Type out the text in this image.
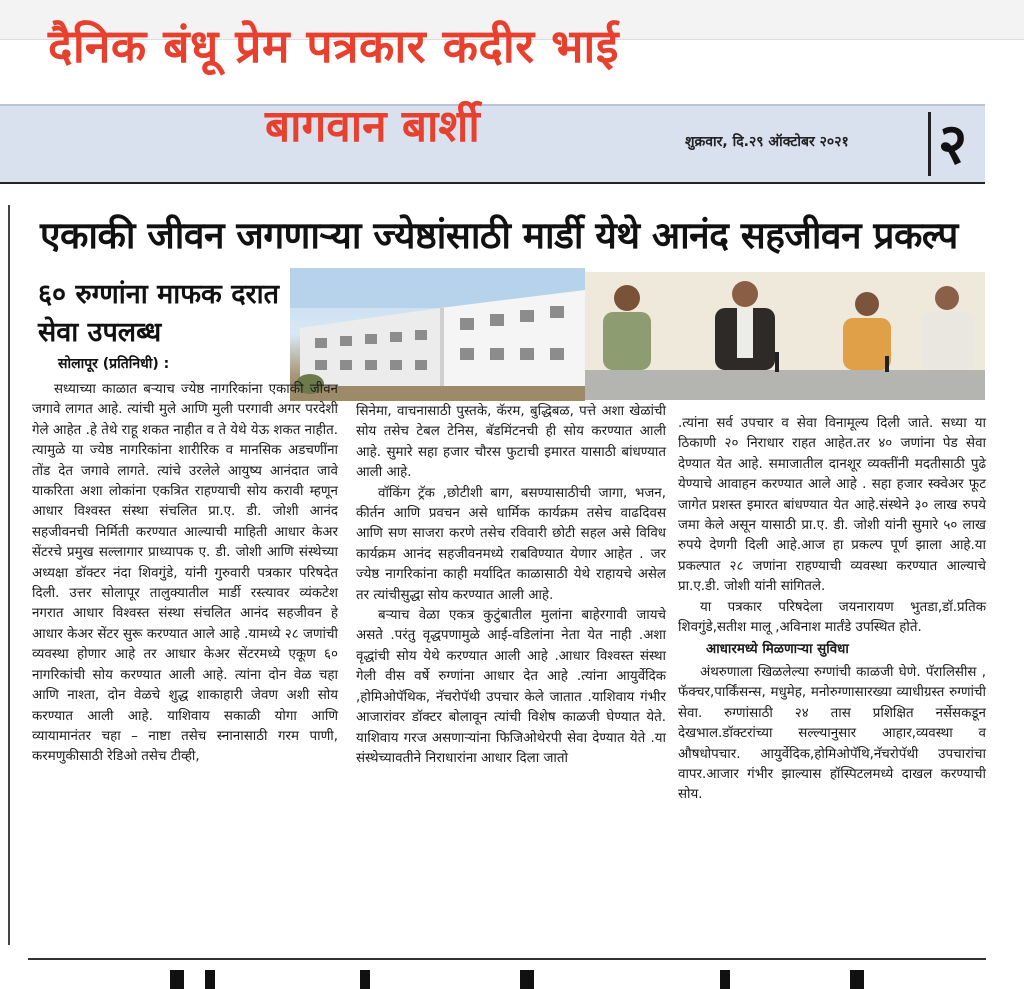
दैनिक बंधू प्रेम पत्रकार कदीर भाई
बागवान बार्शी	शुक्रवार, दि.२९ ऑक्टोबर २०२१ २
एकाकी जीवन जगणाऱ्या ज्येष्ठांसाठी मार्डी येथे आनंद सहजीवन प्रकल्प
६० रुग्णांना माफक दरात सेवा उपलब्ध
सोलापूर (प्रतिनिधी) :

सध्याच्या काळात बऱ्याच ज्येष्ठ नागरिकांना एकाकी जीवन जगावे लागत आहे. त्यांची मुले आणि मुली परगावी अगर परदेशी गेले आहेत .हे तेथे राहू शकत नाहीत व ते येथे येऊ शकत नाहीत. त्यामुळे या ज्येष्ठ नागरिकांना शारीरिक व मानसिक अडचणींना तोंड देत जगावे लागते. त्यांचे उरलेले आयुष्य आनंदात जावे याकरिता अशा लोकांना एकत्रित राहण्याची सोय करावी म्हणून आधार विश्वस्त संस्था संचलित प्रा.ए. डी. जोशी आनंद सहजीवनची निर्मिती करण्यात आल्याची माहिती आधार केअर सेंटरचे प्रमुख सल्लागार प्राध्यापक ए. डी. जोशी आणि संस्थेच्या अध्यक्षा डॉक्टर नंदा शिवगुंडे, यांनी गुरुवारी पत्रकार परिषदेत दिली. उत्तर सोलापूर तालुक्यातील मार्डी रस्त्यावर व्यंकटेश नगरात आधार विश्वस्त संस्था संचलित आनंद सहजीवन हे आधार केअर सेंटर सुरू करण्यात आले आहे .यामध्ये २८ जणांची व्यवस्था होणार आहे तर आधार केअर सेंटरमध्ये एकूण ६० नागरिकांची सोय करण्यात आली आहे. त्यांना दोन वेळ चहा आणि नाश्ता, दोन वेळचे शुद्ध शाकाहारी जेवण अशी सोय करण्यात आली आहे. याशिवाय सकाळी योगा आणि व्यायामानंतर चहा – नाष्टा तसेच स्नानासाठी गरम पाणी, करमणुकीसाठी रेडिओ तसेच टीव्ही,

सिनेमा, वाचनासाठी पुस्तके, कॅरम, बुद्धिबळ, पत्ते अशा खेळांची सोय तसेच टेबल टेनिस, बॅडमिंटनची ही सोय करण्यात आली आहे. सुमारे सहा हजार चौरस फुटाची इमारत यासाठी बांधण्यात आली आहे.

वॉकिंग ट्रॅक ,छोटीशी बाग, बसण्यासाठीची जागा, भजन, कीर्तन आणि प्रवचन असे धार्मिक कार्यक्रम तसेच वाढदिवस आणि सण साजरा करणे तसेच रविवारी छोटी सहल असे विविध कार्यक्रम आनंद सहजीवनमध्ये राबविण्यात येणार आहेत . जर ज्येष्ठ नागरिकांना काही मर्यादित काळासाठी येथे राहायचे असेल तर त्यांचीसुद्धा सोय करण्यात आली आहे.

बऱ्याच वेळा एकत्र कुटुंबातील मुलांना बाहेरगावी जायचे असते .परंतु वृद्धपणामुळे आई-वडिलांना नेता येत नाही .अशा वृद्धांची सोय येथे करण्यात आली आहे .आधार विश्वस्त संस्था गेली वीस वर्षे रुग्णांना आधार देत आहे .त्यांना आयुर्वेदिक ,होमिओपॅथिक, नॅचरोपॅथी उपचार केले जातात .याशिवाय गंभीर आजारांवर डॉक्टर बोलावून त्यांची विशेष काळजी घेण्यात येते. याशिवाय गरज असणाऱ्यांना फिजिओथेरपी सेवा देण्यात येते .या संस्थेच्यावतीने निराधारांना आधार दिला जातो

.त्यांना सर्व उपचार व सेवा विनामूल्य दिली जाते. सध्या या ठिकाणी २० निराधार राहत आहेत.तर ४० जणांना पेड सेवा देण्यात येत आहे. समाजातील दानशूर व्यक्तींनी मदतीसाठी पुढे येण्याचे आवाहन करण्यात आले आहे . सहा हजार स्क्वेअर फूट जागेत प्रशस्त इमारत बांधण्यात येत आहे.संस्थेने ३० लाख रुपये जमा केले असून यासाठी प्रा.ए. डी. जोशी यांनी सुमारे ५० लाख रुपये देणगी दिली आहे.आज हा प्रकल्प पूर्ण झाला आहे.या प्रकल्पात २८ जणांना राहण्याची व्यवस्था करण्यात आल्याचे प्रा.ए.डी. जोशी यांनी सांगितले.

या पत्रकार परिषदेला जयनारायण भुतडा,डॉ.प्रतिक शिवगुंडे,सतीश मालू ,अविनाश मार्तंडे उपस्थित होते.

आधारमध्ये मिळणाऱ्या सुविधा

अंथरुणाला खिळलेल्या रुग्णांची काळजी घेणे. पॅरालिसीस , फॅक्चर,पार्किंसन्स, मधुमेह, मनोरुग्णासारख्या व्याधीग्रस्त रुग्णांची सेवा. रुग्णांसाठी २४ तास प्रशिक्षित नर्सेसकडून देखभाल.डॉक्टरांच्या सल्ल्यानुसार आहार,व्यवस्था व औषधोपचार. आयुर्वेदिक,होमिओपॅथि,नॅचरोपॅथी उपचारांचा वापर.आजार गंभीर झाल्यास हॉस्पिटलमध्ये दाखल करण्याची सोय.
